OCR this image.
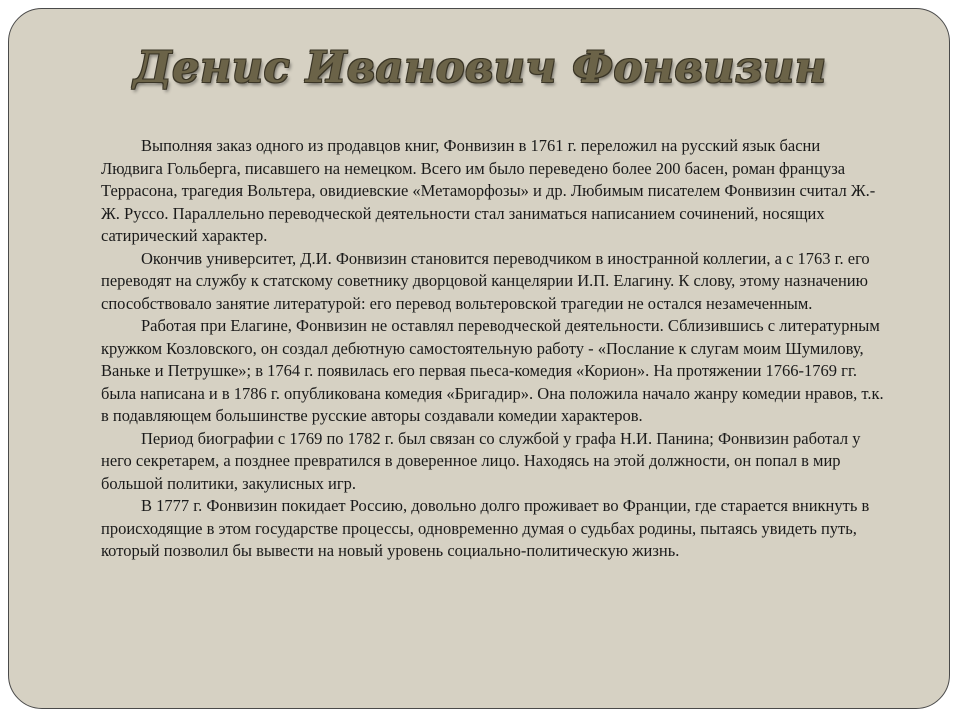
Денис Иванович Фонвизин

Выполняя заказ одного из продавцов книг, Фонвизин в 1761 г. переложил на русский язык басни Людвига Гольберга, писавшего на немецком. Всего им было переведено более 200 басен, роман француза Террасона, трагедия Вольтера, овидиевские «Метаморфозы» и др. Любимым писателем Фонвизин считал Ж.-Ж. Руссо. Параллельно переводческой деятельности стал заниматься написанием сочинений, носящих сатирический характер.

Окончив университет, Д.И. Фонвизин становится переводчиком в иностранной коллегии, а с 1763 г. его переводят на службу к статскому советнику дворцовой канцелярии И.П. Елагину. К слову, этому назначению способствовало занятие литературой: его перевод вольтеровской трагедии не остался незамеченным.

Работая при Елагине, Фонвизин не оставлял переводческой деятельности. Сблизившись с литературным кружком Козловского, он создал дебютную самостоятельную работу - «Послание к слугам моим Шумилову, Ваньке и Петрушке»; в 1764 г. появилась его первая пьеса-комедия «Корион». На протяжении 1766-1769 гг. была написана и в 1786 г. опубликована комедия «Бригадир». Она положила начало жанру комедии нравов, т.к. в подавляющем большинстве русские авторы создавали комедии характеров.

Период биографии с 1769 по 1782 г. был связан со службой у графа Н.И. Панина; Фонвизин работал у него секретарем, а позднее превратился в доверенное лицо. Находясь на этой должности, он попал в мир большой политики, закулисных игр.

В 1777 г. Фонвизин покидает Россию, довольно долго проживает во Франции, где старается вникнуть в происходящие в этом государстве процессы, одновременно думая о судьбах родины, пытаясь увидеть путь, который позволил бы вывести на новый уровень социально-политическую жизнь.
